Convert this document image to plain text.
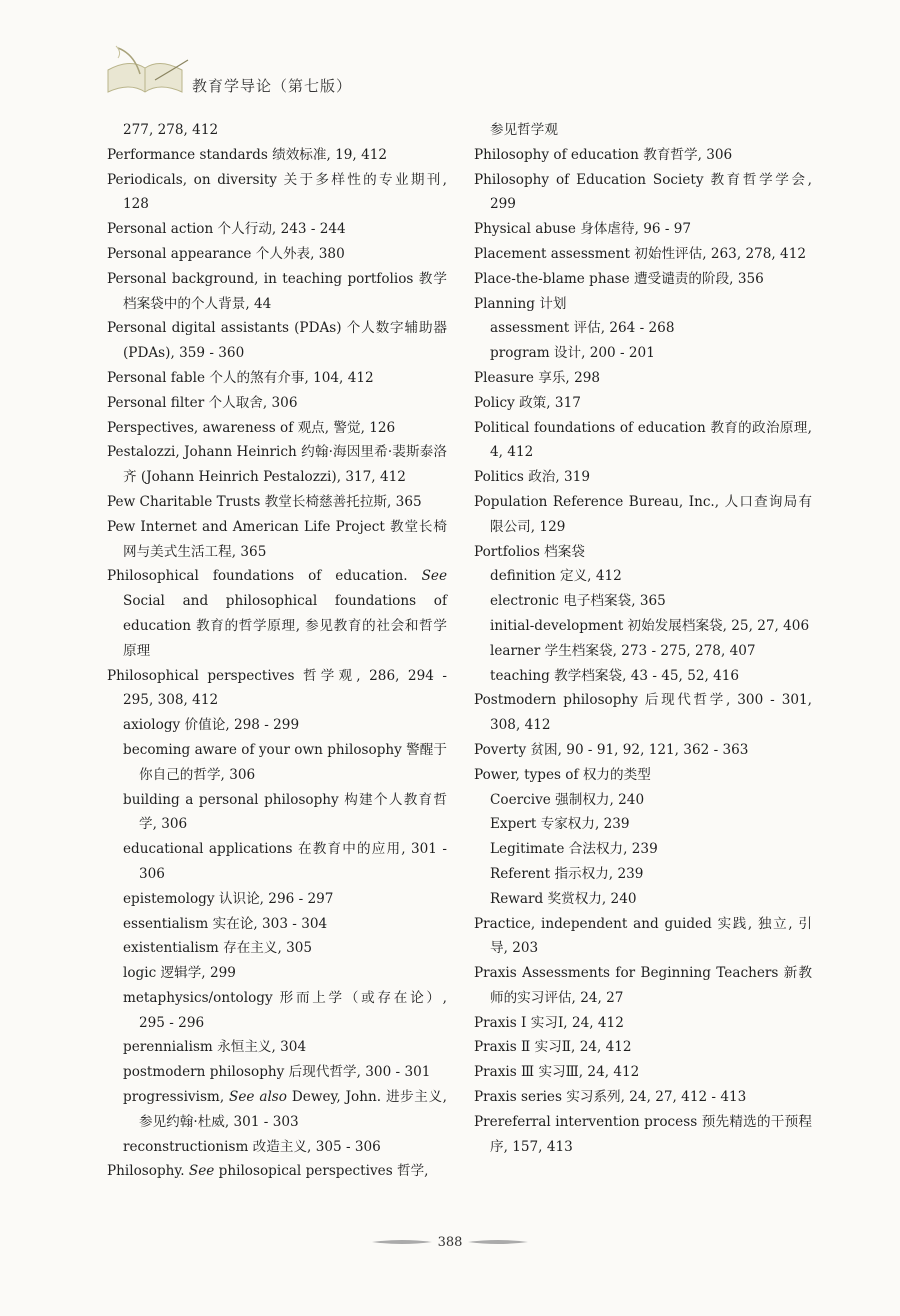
教育学导论（第七版）
277, 278, 412
Performance standards 绩效标准, 19, 412
Periodicals, on diversity 关于多样性的专业期刊, 128
Personal action 个人行动, 243 - 244
Personal appearance 个人外表, 380
Personal background, in teaching portfolios 教学档案袋中的个人背景, 44
Personal digital assistants (PDAs) 个人数字辅助器 (PDAs), 359 - 360
Personal fable 个人的煞有介事, 104, 412
Personal filter 个人取舍, 306
Perspectives, awareness of 观点, 警觉, 126
Pestalozzi, Johann Heinrich 约翰·海因里希·裴斯泰洛齐 (Johann Heinrich Pestalozzi), 317, 412
Pew Charitable Trusts 教堂长椅慈善托拉斯, 365
Pew Internet and American Life Project 教堂长椅网与美式生活工程, 365
Philosophical foundations of education. See Social and philosophical foundations of education 教育的哲学原理, 参见教育的社会和哲学原理
Philosophical perspectives 哲学观, 286, 294 - 295, 308, 412
axiology 价值论, 298 - 299
becoming aware of your own philosophy 警醒于你自己的哲学, 306
building a personal philosophy 构建个人教育哲学, 306
educational applications 在教育中的应用, 301 - 306
epistemology 认识论, 296 - 297
essentialism 实在论, 303 - 304
existentialism 存在主义, 305
logic 逻辑学, 299
metaphysics/ontology 形而上学（或存在论）, 295 - 296
perennialism 永恒主义, 304
postmodern philosophy 后现代哲学, 300 - 301
progressivism, See also Dewey, John. 进步主义, 参见约翰·杜威, 301 - 303
reconstructionism 改造主义, 305 - 306
Philosophy. See philosopical perspectives 哲学,
参见哲学观
Philosophy of education 教育哲学, 306
Philosophy of Education Society 教育哲学学会, 299
Physical abuse 身体虐待, 96 - 97
Placement assessment 初始性评估, 263, 278, 412
Place-the-blame phase 遭受谴责的阶段, 356
Planning 计划
assessment 评估, 264 - 268
program 设计, 200 - 201
Pleasure 享乐, 298
Policy 政策, 317
Political foundations of education 教育的政治原理, 4, 412
Politics 政治, 319
Population Reference Bureau, Inc., 人口查询局有限公司, 129
Portfolios 档案袋
definition 定义, 412
electronic 电子档案袋, 365
initial-development 初始发展档案袋, 25, 27, 406
learner 学生档案袋, 273 - 275, 278, 407
teaching 教学档案袋, 43 - 45, 52, 416
Postmodern philosophy 后现代哲学, 300 - 301, 308, 412
Poverty 贫困, 90 - 91, 92, 121, 362 - 363
Power, types of 权力的类型
Coercive 强制权力, 240
Expert 专家权力, 239
Legitimate 合法权力, 239
Referent 指示权力, 239
Reward 奖赏权力, 240
Practice, independent and guided 实践, 独立, 引导, 203
Praxis Assessments for Beginning Teachers 新教师的实习评估, 24, 27
Praxis Ⅰ 实习Ⅰ, 24, 412
Praxis Ⅱ 实习Ⅱ, 24, 412
Praxis Ⅲ 实习Ⅲ, 24, 412
Praxis series 实习系列, 24, 27, 412 - 413
Prereferral intervention process 预先精选的干预程序, 157, 413
388
